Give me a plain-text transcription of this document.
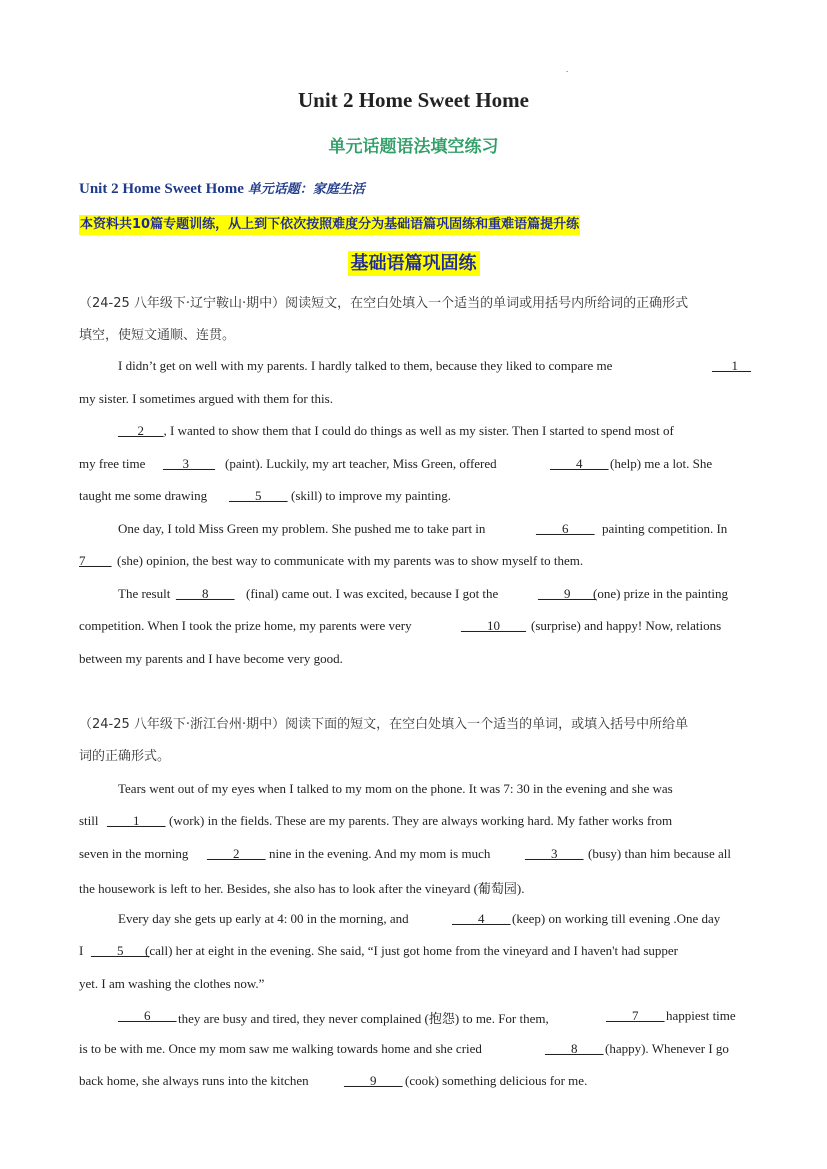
.
Unit 2 Home Sweet Home
单元话题语法填空练习
Unit 2 Home Sweet Home 单元话题：家庭生活
本资料共10篇专题训练，从上到下依次按照难度分为基础语篇巩固练和重难语篇提升练
基础语篇巩固练
（24-25 八年级下·辽宁鞍山·期中）阅读短文，在空白处填入一个适当的单词或用括号内所给词的正确形式
填空，使短文通顺、连贯。
I didn’t get on well with my parents. I hardly talked to them, because they liked to compare me	___1__
my sister. I sometimes argued with them for this.
___2___, I wanted to show them that I could do things as well as my sister. Then I started to spend most of
my free time ___3____ (paint). Luckily, my art teacher, Miss Green, offered	____4____ (help) me a lot. She
taught me some drawing ____5____ (skill) to improve my painting.
One day, I told Miss Green my problem. She pushed me to take part in	____6____ painting competition. In
7____ (she) opinion, the best way to communicate with my parents was to show myself to them.
The result ____8____ (final) came out. I was excited, because I got the	____9____
(one) prize in the painting
competition. When I took the prize home, my parents were very	____10____ (surprise) and happy! Now, relations
between my parents and I have become very good.
（24-25 八年级下·浙江台州·期中）阅读下面的短文，在空白处填入一个适当的单词，或填入括号中所给单
词的正确形式。
Tears went out of my eyes when I talked to my mom on the phone. It was 7: 30 in the evening and she was
still ____1____ (work) in the fields. These are my parents. They are always working hard. My father works from
seven in the morning ____2____ nine in the evening. And my mom is much	____3____ (busy) than him because all
the housework is left to her. Besides, she also has to look after the vineyard (葡萄园).
Every day she gets up early at 4: 00 in the morning, and	____4____ (keep) on working till evening .One day
I ____5____
(call) her at eight in the evening. She said, “I just got home from the vineyard and I haven't had supper
yet. I am washing the clothes now.”
____6____ they are busy and tired, they never complained (抱怨) to me. For them,	____7____ happiest time
is to be with me. Once my mom saw me walking towards home and she cried	____8____ (happy). Whenever I go
back home, she always runs into the kitchen	____9____ (cook) something delicious for me.
